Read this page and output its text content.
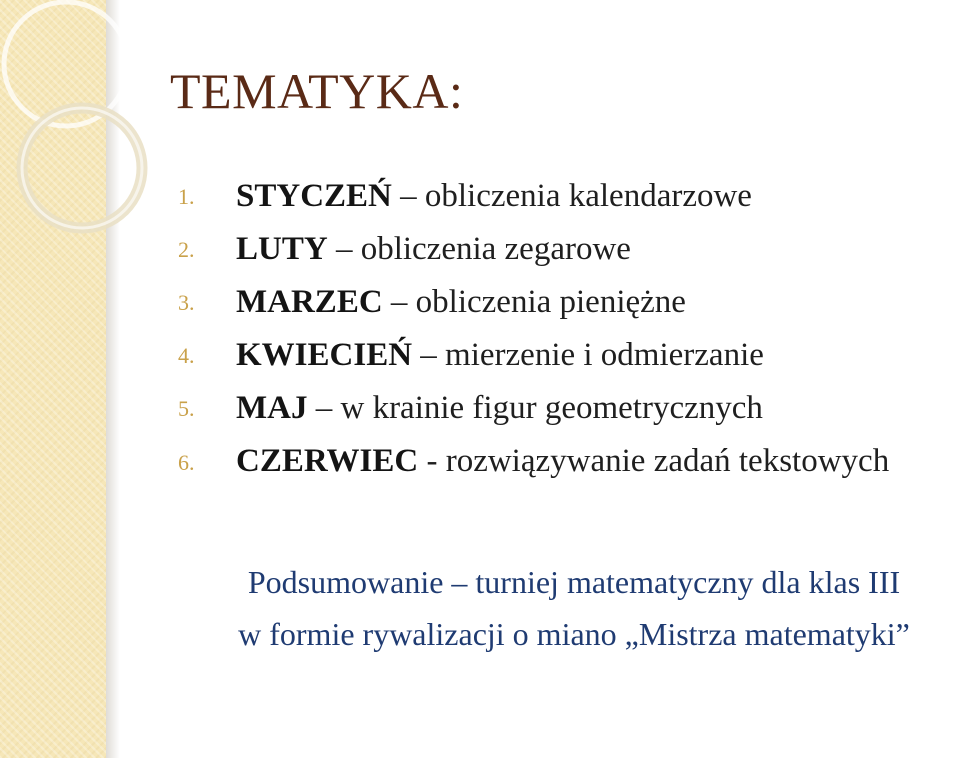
TEMATYKA:
1. STYCZEŃ – obliczenia kalendarzowe
2. LUTY – obliczenia zegarowe
3. MARZEC – obliczenia pieniężne
4. KWIECIEŃ – mierzenie i odmierzanie
5. MAJ – w krainie figur geometrycznych
6. CZERWIEC - rozwiązywanie zadań tekstowych
Podsumowanie – turniej matematyczny dla klas III
w formie rywalizacji o miano „Mistrza matematyki”
